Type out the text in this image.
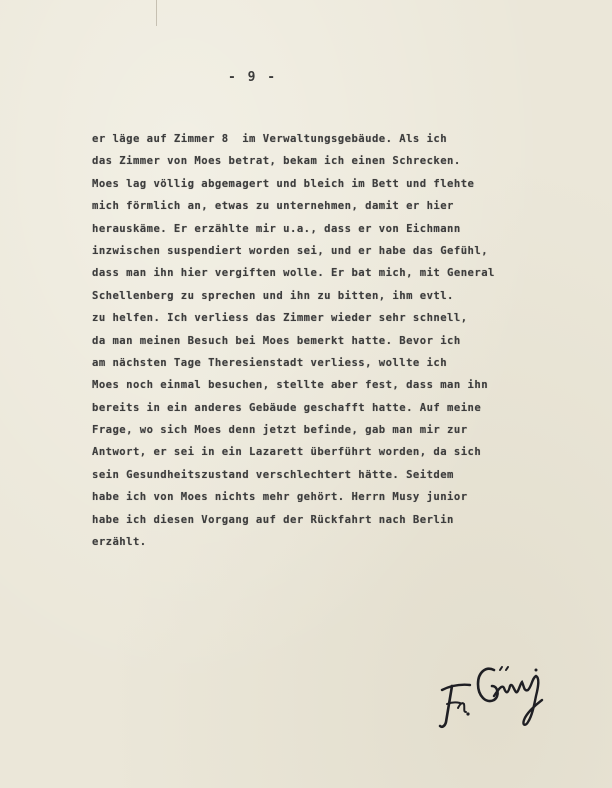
- 9 -
er läge auf Zimmer 8  im Verwaltungsgebäude. Als ich
das Zimmer von Moes betrat, bekam ich einen Schrecken.
Moes lag völlig abgemagert und bleich im Bett und flehte
mich förmlich an, etwas zu unternehmen, damit er hier
herauskäme. Er erzählte mir u.a., dass er von Eichmann
inzwischen suspendiert worden sei, und er habe das Gefühl,
dass man ihn hier vergiften wolle. Er bat mich, mit General
Schellenberg zu sprechen und ihn zu bitten, ihm evtl.
zu helfen. Ich verliess das Zimmer wieder sehr schnell,
da man meinen Besuch bei Moes bemerkt hatte. Bevor ich
am nächsten Tage Theresienstadt verliess, wollte ich
Moes noch einmal besuchen, stellte aber fest, dass man ihn
bereits in ein anderes Gebäude geschafft hatte. Auf meine
Frage, wo sich Moes denn jetzt befinde, gab man mir zur
Antwort, er sei in ein Lazarett überführt worden, da sich
sein Gesundheitszustand verschlechtert hätte. Seitdem
habe ich von Moes nichts mehr gehört. Herrn Musy junior
habe ich diesen Vorgang auf der Rückfahrt nach Berlin
erzählt.
